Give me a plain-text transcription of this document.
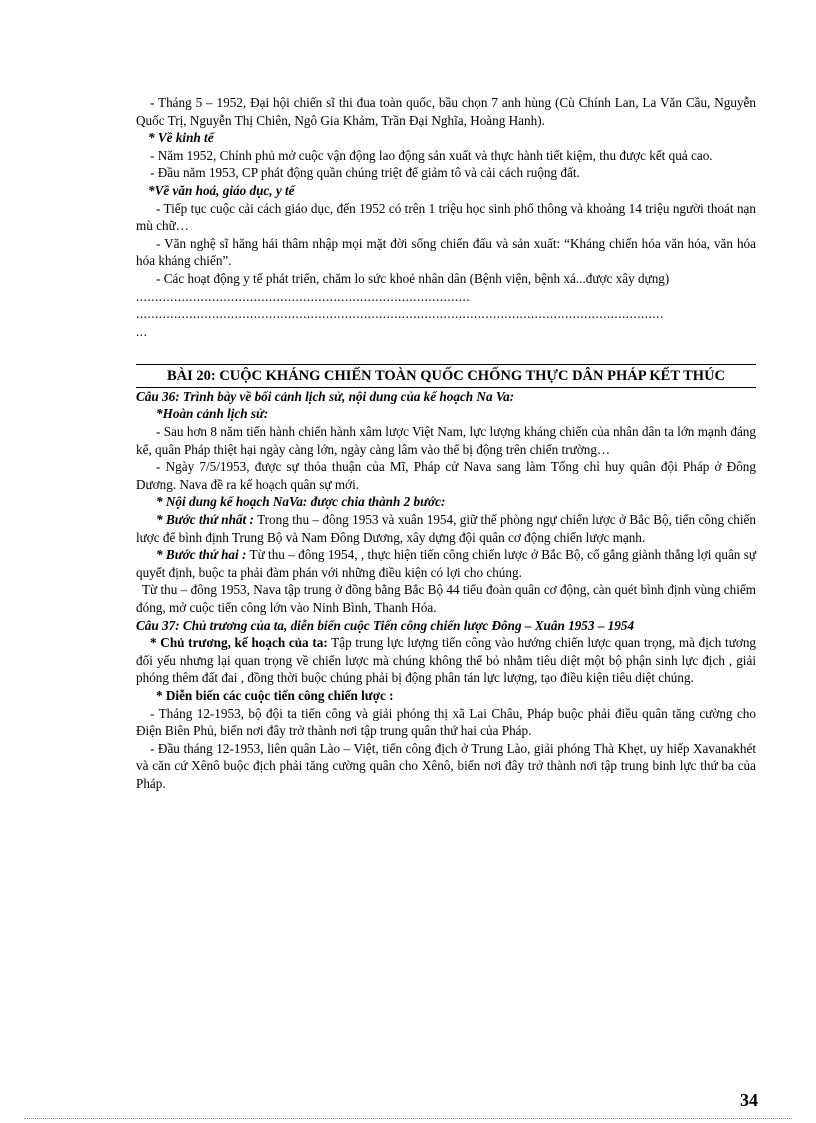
- Tháng 5 – 1952, Đại hội chiến sĩ thi đua toàn quốc, bầu chọn 7 anh hùng (Cù Chính Lan, La Văn Cầu, Nguyễn Quốc Trị, Nguyễn Thị Chiên, Ngô Gia Khảm, Trần Đại Nghĩa, Hoàng Hanh).

* Về kinh tế

- Năm 1952, Chính phủ mở cuộc vận động lao động sản xuất và thực hành tiết kiệm, thu được kết quả cao.

- Đầu năm 1953, CP phát động quần chúng triệt để giảm tô và cải cách ruộng đất.

*Về văn hoá, giáo dục, y tế

- Tiếp tục cuộc cải cách giáo dục, đến 1952 có trên 1 triệu học sinh phổ thông và khoảng 14 triệu người thoát nạn mù chữ…

- Văn nghệ sĩ hăng hái thâm nhập mọi mặt đời sống chiến đấu và sản xuất: “Kháng chiến hóa văn hóa, văn hóa hóa kháng chiến”.

- Các hoạt động y tế phát triển, chăm lo sức khoẻ nhân dân (Bệnh viện, bệnh xá...được xây dựng)

........................................................................................

...........................................................................................................................................

...

BÀI 20: CUỘC KHÁNG CHIẾN TOÀN QUỐC CHỐNG THỰC DÂN PHÁP KẾT THÚC

Câu 36: Trình bày về bối cảnh lịch sử, nội dung của kế hoạch Na Va:

*Hoàn cảnh lịch sử:

- Sau hơn 8 năm tiến hành chiến hành xâm lược Việt Nam, lực lượng kháng chiến của nhân dân ta lớn mạnh đáng kể, quân Pháp thiệt hại ngày càng lớn, ngày càng lâm vào thế bị động trên chiến trường…

- Ngày 7/5/1953, được sự thỏa thuận của Mĩ, Pháp cử Nava sang làm Tổng chỉ huy quân đội Pháp ở Đông Dương. Nava đề ra kế hoạch quân sự mới.

* Nội dung kế hoạch NaVa: được chia thành 2 bước:

* Bước thứ nhất : Trong thu – đông 1953 và xuân 1954, giữ thế phòng ngự chiến lược ở Bắc Bộ, tiến công chiến lược để bình định Trung Bộ và Nam Đông Dương, xây dựng đội quân cơ động chiến lược mạnh.

* Bước thứ hai : Từ thu – đông 1954, , thực hiện tiến công chiến lược ở Bắc Bộ, cố gắng giành thắng lợi quân sự quyết định, buộc ta phải đàm phán với những điều kiện có lợi cho chúng.

Từ thu – đông 1953, Nava tập trung ở đồng bằng Bắc Bộ 44 tiểu đoàn quân cơ động, càn quét bình định vùng chiếm đóng, mở cuộc tiến công lớn vào Ninh Bình, Thanh Hóa.

Câu 37: Chủ trương của ta, diễn biến cuộc Tiến công chiến lược Đông – Xuân 1953 – 1954

* Chủ trương, kế hoạch của ta: Tập trung lực lượng tiến công vào hướng chiến lược quan trọng, mà địch tương đối yếu nhưng lại quan trọng về chiến lược mà chúng không thể bỏ nhằm tiêu diệt một bộ phận sinh lực địch , giải phóng thêm đất đai , đồng thời buộc chúng phải bị động phân tán lực lượng, tạo điều kiện tiêu diệt chúng.

* Diễn biến các cuộc tiến công chiến lược :

- Tháng 12-1953, bộ đội ta tiến công và giải phóng thị xã Lai Châu, Pháp buộc phải điều quân tăng cường cho Điện Biên Phủ, biến nơi đây trở thành nơi tập trung quân thứ hai của Pháp.

- Đầu tháng 12-1953, liên quân Lào – Việt, tiến công địch ở Trung Lào, giải phóng Thà Khẹt, uy hiếp Xavanakhét và căn cứ Xênô buộc địch phải tăng cường quân cho Xênô, biến nơi đây trở thành nơi tập trung binh lực thứ ba của Pháp.

34
